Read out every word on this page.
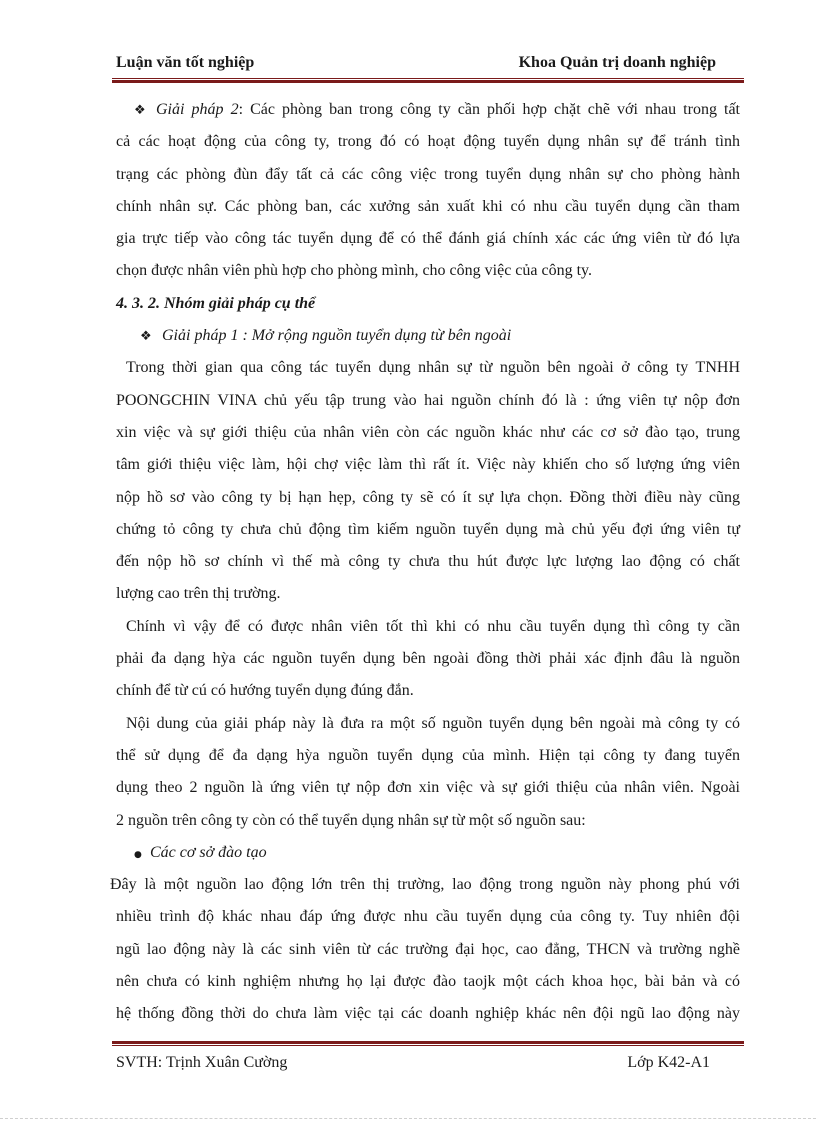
Luận văn tốt nghiệp	Khoa Quản trị doanh nghiệp
❖ Giải pháp 2: Các phòng ban trong công ty cần phối hợp chặt chẽ với nhau trong tất
cả các hoạt động của công ty, trong đó có hoạt động tuyển dụng nhân sự để tránh tình
trạng các phòng đùn đẩy tất cả các công việc trong tuyển dụng nhân sự cho phòng hành
chính nhân sự. Các phòng ban, các xưởng sản xuất khi có nhu cầu tuyển dụng cần tham
gia trực tiếp vào công tác tuyển dụng để có thể đánh giá chính xác các ứng viên từ đó lựa
chọn được nhân viên phù hợp cho phòng mình, cho công việc của công ty.
4. 3. 2. Nhóm giải pháp cụ thể
❖ Giải pháp 1 : Mở rộng nguồn tuyển dụng từ bên ngoài
Trong thời gian qua công tác tuyển dụng nhân sự từ nguồn bên ngoài ở công ty TNHH
POONGCHIN VINA chủ yếu tập trung vào hai nguồn chính đó là : ứng viên tự nộp đơn
xin việc và sự giới thiệu của nhân viên còn các nguồn khác như các cơ sở đào tạo, trung
tâm giới thiệu việc làm, hội chợ việc làm thì rất ít. Việc này khiến cho số lượng ứng viên
nộp hồ sơ vào công ty bị hạn hẹp, công ty sẽ có ít sự lựa chọn. Đồng thời điều này cũng
chứng tỏ công ty chưa chủ động tìm kiếm nguồn tuyển dụng mà chủ yếu đợi ứng viên tự
đến nộp hồ sơ chính vì thế mà công ty chưa thu hút được lực lượng lao động có chất
lượng cao trên thị trường.
Chính vì vậy để có được nhân viên tốt thì khi có nhu cầu tuyển dụng thì công ty cần
phải đa dạng hỳa các nguồn tuyển dụng bên ngoài đồng thời phải xác định đâu là nguồn
chính để từ cú có hướng tuyển dụng đúng đắn.
Nội dung của giải pháp này là đưa ra một số nguồn tuyển dụng bên ngoài mà công ty có
thể sử dụng để đa dạng hỳa nguồn tuyển dụng của mình. Hiện tại công ty đang tuyển
dụng theo 2 nguồn là ứng viên tự nộp đơn xin việc và sự giới thiệu của nhân viên. Ngoài
2 nguồn trên công ty còn có thể tuyển dụng nhân sự từ một số nguồn sau:
● Các cơ sở đào tạo
Đây là một nguồn lao động lớn trên thị trường, lao động trong nguồn này phong phú với
nhiều trình độ khác nhau đáp ứng được nhu cầu tuyển dụng của công ty. Tuy nhiên đội
ngũ lao động này là các sinh viên từ các trường đại học, cao đẳng, THCN và trường nghề
nên chưa có kinh nghiệm nhưng họ lại được đào taojk một cách khoa học, bài bản và có
hệ thống đồng thời do chưa làm việc tại các doanh nghiệp khác nên đội ngũ lao động này
SVTH: Trịnh Xuân Cường	Lớp K42-A1
